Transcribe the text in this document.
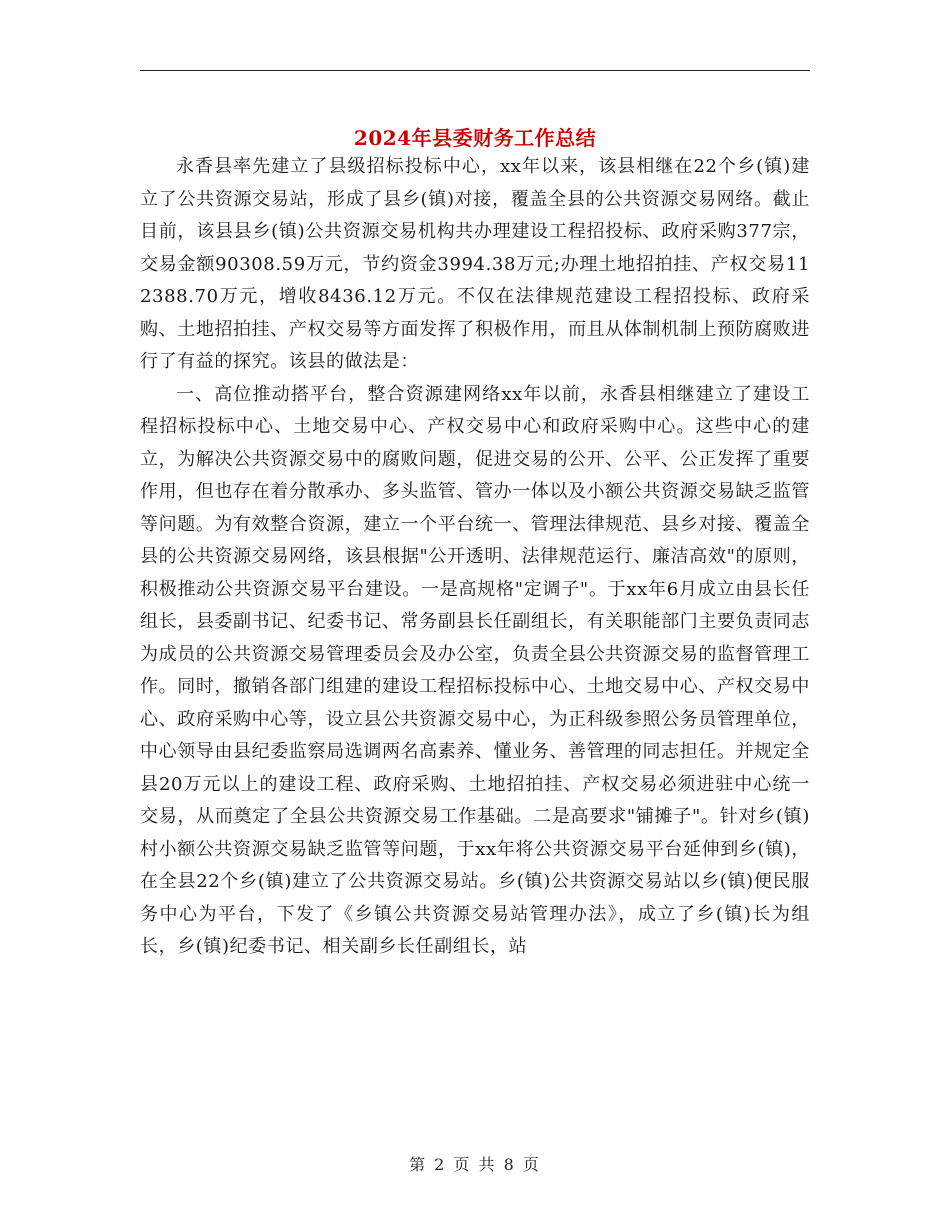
2024年县委财务工作总结

永香县率先建立了县级招标投标中心，xx年以来，该县相继在22个乡(镇)建立了公共资源交易站，形成了县乡(镇)对接，覆盖全县的公共资源交易网络。截止目前，该县县乡(镇)公共资源交易机构共办理建设工程招投标、政府采购377宗，交易金额90308.59万元，节约资金3994.38万元;办理土地招拍挂、产权交易112388.70万元，增收8436.12万元。不仅在法律规范建设工程招投标、政府采购、土地招拍挂、产权交易等方面发挥了积极作用，而且从体制机制上预防腐败进行了有益的探究。该县的做法是：

一、高位推动搭平台，整合资源建网络xx年以前，永香县相继建立了建设工程招标投标中心、土地交易中心、产权交易中心和政府采购中心。这些中心的建立，为解决公共资源交易中的腐败问题，促进交易的公开、公平、公正发挥了重要作用，但也存在着分散承办、多头监管、管办一体以及小额公共资源交易缺乏监管等问题。为有效整合资源，建立一个平台统一、管理法律规范、县乡对接、覆盖全县的公共资源交易网络，该县根据"公开透明、法律规范运行、廉洁高效"的原则，积极推动公共资源交易平台建设。一是高规格"定调子"。于xx年6月成立由县长任组长，县委副书记、纪委书记、常务副县长任副组长，有关职能部门主要负责同志为成员的公共资源交易管理委员会及办公室，负责全县公共资源交易的监督管理工作。同时，撤销各部门组建的建设工程招标投标中心、土地交易中心、产权交易中心、政府采购中心等，设立县公共资源交易中心，为正科级参照公务员管理单位，中心领导由县纪委监察局选调两名高素养、懂业务、善管理的同志担任。并规定全县20万元以上的建设工程、政府采购、土地招拍挂、产权交易必须进驻中心统一交易，从而奠定了全县公共资源交易工作基础。二是高要求"铺摊子"。针对乡(镇)村小额公共资源交易缺乏监管等问题，于xx年将公共资源交易平台延伸到乡(镇)，在全县22个乡(镇)建立了公共资源交易站。乡(镇)公共资源交易站以乡(镇)便民服务中心为平台，下发了《乡镇公共资源交易站管理办法》，成立了乡(镇)长为组长，乡(镇)纪委书记、相关副乡长任副组长，站

第 2 页 共 8 页
